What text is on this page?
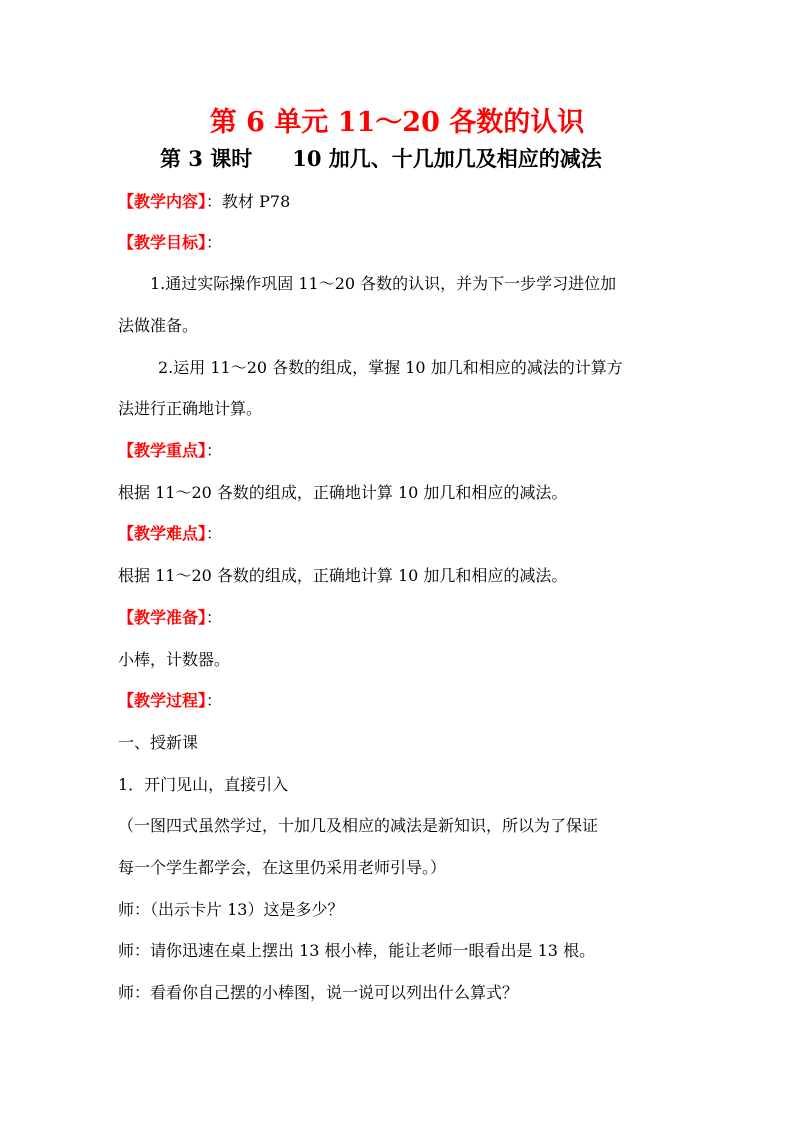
第 6 单元 11～20 各数的认识
第 3 课时 10 加几、十几加几及相应的减法
【教学内容】：教材 P78
【教学目标】：
1.通过实际操作巩固 11～20 各数的认识，并为下一步学习进位加
法做准备。
2.运用 11～20 各数的组成，掌握 10 加几和相应的减法的计算方
法进行正确地计算。
【教学重点】：
根据 11～20 各数的组成，正确地计算 10 加几和相应的减法。
【教学难点】：
根据 11～20 各数的组成，正确地计算 10 加几和相应的减法。
【教学准备】：
小棒，计数器。
【教学过程】：
一、授新课
1．开门见山，直接引入
（一图四式虽然学过，十加几及相应的减法是新知识，所以为了保证
每一个学生都学会，在这里仍采用老师引导。）
师：（出示卡片 13）这是多少？
师：请你迅速在桌上摆出 13 根小棒，能让老师一眼看出是 13 根。
师：看看你自己摆的小棒图，说一说可以列出什么算式？
